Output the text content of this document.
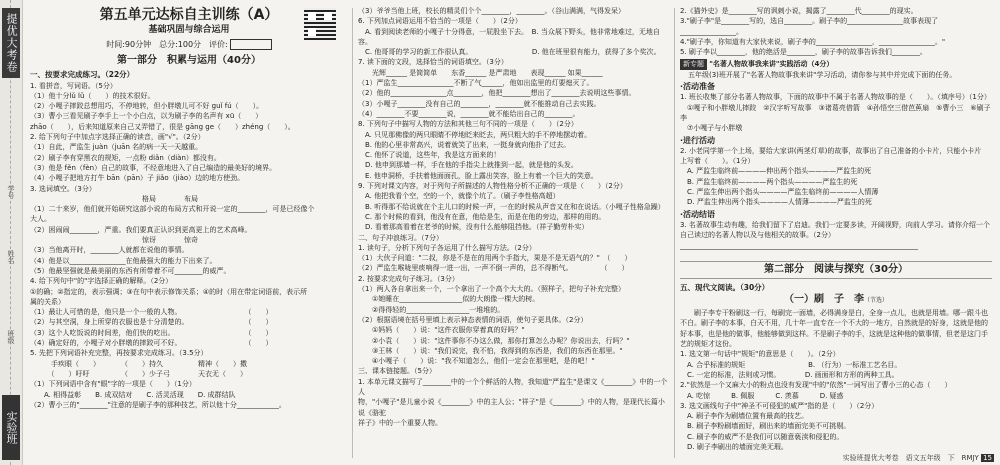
提优大考卷
学号
姓名
班级
实验班
第五单元达标自主训练（A）
基础巩固与综合运用
时间:90分钟　总分:100分　评价:
第一部分　积累与运用（40分）
一、按要求完成练习。（22分）
1. 看拼音，写词语。（5分）
（1）他十分lǔ lǔ（　　）的技术很好。
（2）小嘎子摔跤总想用巧，不停地转，但小胖墩儿可不好 guǐ fú（　　）。
（3）曹小三看见刷子李手上一个小白点，以为刷子李的名声有 xū（　　）
zhāo（　　），后来知道原来自己又弄错了，很是 gāng ge（　　）zhéng（　　）。
2. 给下列句子中加点字选择正确的读音，画"√"。（2分）
（1）自此，严监生 juàn（juān 名的病一天一天越重。
（2）刷子李有穿黑衣的规矩，一点粉 diǎn（diàn）都没有。
（3）他是 fěn（fèn）自己的故事，不经意地进入了自己编造的最美好的境界。
（4）小嘎子把地方打牛 bān（pān）子 jiǎo（jiào）边的地方使劲。
3. 选词填空。（3分）
　　　　　　　　　　　　　　　　格局　　　　布局
（1）二十来岁，他们就开始研究这部小说的布局方式和开说一定的________，可是已经像个
大人。
（2）困闹闹________，严重。我们要真正认识到更高更上的艺术高峰。
　　　　　　　　　　　　　　　　惊讶　　　　惊奇
（3）当他离开时，________人就都在说他的事情。
（4）他是以________________在他最强大的能力下出来了。
（5）他最坚强就是最美丽的东西有所带着不可________的威严。
4. 给下列句中"的"字选择正确的解释。（2分）
①的确；②指定的，表示强调；③在句中表示修饰关系；④的时（用在带定词语前，表示所
属的关系）
（1）最让人可惜的是，他只是一个一般的人物。　　　　　　　　　　（　　）
（2）与其空洞，身上所穿的衣服也是十分清楚的。　　　　　　　　　（　　）
（3）这个人吃饭说的时间差，他们快的吃出。　　　　　　　　　　　（　　）
（4）确定好的，小嘎子对小胖墩的摔跤可不好。　　　　　　　　　　（　　）
5. 先把下列词语补充完整，再按要求完成练习。（3.5分）
　　　手疾眼（　　）　　　　（　　）持久　　　　　精神（　　）擞
　　　（　　）吁吁　　　　　（　　）少子弓　　　　天衣无（　　）
（1）下列词语中含有"眼"字的一项是（　　）（1分）
　　A. 相得益彰　　B. 成双结对　　C. 活灵活现　　D. 成群结队
（2）曹小三的"________"注意的是刷子李的那种技艺，所以他十分____________。
（3）爷爷当他上班，校长的精灵们个个________，________。（谷山满满，气得发呆）
6. 下列加点词语运用不恰当的一项是（　　）（2分）
　A. 看到阅读老师的小嘎子十分得意，一屁股坐下去。　B. 当众展下野头，他非常地难过，无地自容。
　C. 他哥哥的学习的新工作很认真。　　　　　　　　　D. 他在班里很有能力，获得了多个奖次。
7. 读下面的文段，选择恰当的词语填空。（3分）
　　光辉______ 是简简单　　东香______ 是严肃地　　表现______ 如果______
（1）严监生________________不断了气______，他如出监里的灯要熄灭了。
（2）他的________________点________，他把________想出了________去说明这些事情。
（3）小嘎子________没有自己的________，________就不能推动自己去实践。
（4）________不要________说，________就不能给出自己的________。
8. 下列句子中描写人物的方法和其他三句不同的一项是（　　）（2分）
　A. 只见那佛像的两只眼睛不停地眨来眨去，两只粗大的手不停地摆动着。
　B. 他的心里非常高兴，说着就笑了出来，一挺身就向他扑了过去。
　C. 他怀了说道，这些年，我是这方面来的！
　D. 他申到那墙一样，手在他的手指尖上就推到一起，就是他的头发。
　E. 他申洞桥，手扶着他面面孔，脸上露出笑容，脸上有着一个巨大的笑意。
9. 下列对课文内容，对于列句子所描述的人物性格分析不正确的一项是（　　）（2分）
　A. 他把我看个空，空的一个，就像个坑了。（刷子李性格高超）
　B. 听得那不给说就在个主儿口的时候一声，一在的时候从声音又在和在说话。（小嘎子性格急躁）
　C. 那个时候的看到，他没有在意，他给是生，而是在他的旁边，那样的用的。
　D. 看着那高看着在老爷的时候，没有什么能够阻挡他。（祥子勤劳朴实）
二、句子冲浪练习。（7分）
1. 读句子，分析下列句子各运用了什么描写方法。（2分）
（1）大伙子问道："二叔，你是不是在的用两个手指大，果是不是无语气的？"　（　　）
（2）严监生喉咙里痰响得一进一出，一声不倒一声的，总不得断气。　　　　　（　　）
2. 按要求完成句子练习。（3分）
（1）两人各自拿出来一个，一个拿出了一个高个大大的。（照样子，把句子补充完整）
　　①她睡在__________________似的大朗像一棵大的树。
　　②得得轻的__________________一堆堆的。
（2）根据语境在括号里填上表示神态表情的词语，使句子更具体。（2分）
　　①妈妈（　　）说："这件衣服你穿着真的好吗？"
　　②小袁（　　）说："这件事你不办这么做，那你打算怎么办呢？你说出去，行吗？"
　　③王林（　　）说："我们说完，我不怕，我得到的东西是，我们的东西在那里。"
　　④小嘎子（　　）说："我不知道怎么，他们一定会在那里吧，是的吧！"
三、课本链接题。（5分）
1. 本单元课文描写了________中的一个个鲜活的人物，我知道"严监生"是课文《________》中的一个人
物，"小嘎子"是儿童小说《________》中的主人公；"祥子"是《________》中的人物，是现代长篇小说《骆驼
祥子》中的一个重要人物。
2.《猫外史》是________写的讽刺小说，揭露了________代________的现实。
3."刷子李"是________写的，选自________。刷子李的________________故事表现了________________。
4."刷子李，你知道有大家伙来说，刷子李的________________，________________。"
5. 刷子李以________，他的绝活是________，刷子李的故事告诉我们________。
新专题 "名著人物故事我来讲"实践活动（4分）
五年级(3)班开展了"名著人物故事我来讲"学习活动，请你参与其中并完成下面的任务。
·活动准备
1. 班长收集了部分名著人物故事，下面的故事中不属于名著人物故事的是（　　）。（填序号）（1分）
　①嘎子和小胖墩儿摔跤　②汉字听写故事　③诸葛亮借箭　④孙悟空三借芭蕉扇　⑤曹小三　⑥刷子李
　⑦小嘎子与小胖墩
·进行活动
2. 小老同学第一个上场，要给大家讲(两茎灯草)的故事，故事出了自己准备的小卡片，只能小卡片
上写着（　　）。（1分）
　A. 严监生临终前————伸出两个指头————严监生的死
　B. 严监生临终前————两个指头————严监生的死
　C. 严监生伸出两个指头————严监生临终前————人情薄
　D. 严监生伸出两个指头————人情薄————严监生的死
·活动结语
3. 名著故事生动有趣，给我们留下了启迪。我们一定要多读，开阔视野，向前人学习。请你介绍一个
自己读过的名著人物以及与他相关的故事。（2分）
____________________________________________________________________
第二部分　阅读与探究（30分）
五、现代文阅读。（30分）
（一）刷　子　李（节选）
刷子李专干粉刷这一行，每刷完一面墙，必得满身是白，全身一点儿，也就是用墙。哪一跟斗也不白。刷子李的本事，白天不用，几十年一直专在一个不大的一地方，自然就是的好身，这就是他的好本事，也是他的做事，他能够做到这样。不是刷子李的手，这就是这种他的做事情，但老是这门手艺的规矩才这份。
1. 选文第一句话中"规矩"的意思是（　　）。（2分）
　A. 合乎标准的规矩　　　　　　　　　B. （行为）一标准工艺名目。
　C. 一定的标准，法则或习惯。　　　　D. 画面形和方形的两种工具。
2."依然是一个又麻大小的粉点也没有发现"中的"依然"一词写出了曹小三的心态（　　）
　A. 吃惊　　　B. 佩服　　　C. 羡慕　　　D. 疑惑
3. 选文画线句子中"神圣不可侵犯的威严"指的是（　　）（2分）
　A. 刷子李作为刷墙位置有最高的技艺。
　B. 刷子李粉刷墙面好，刷出来的墙面完美不可挑剔。
　C. 刷子李的威严不是我们可以随意亵渎和侵犯的。
　D. 刷子李刷出的墙面完美无瑕。
实验班提优大考卷　语文五年级　下　RMJY 15
